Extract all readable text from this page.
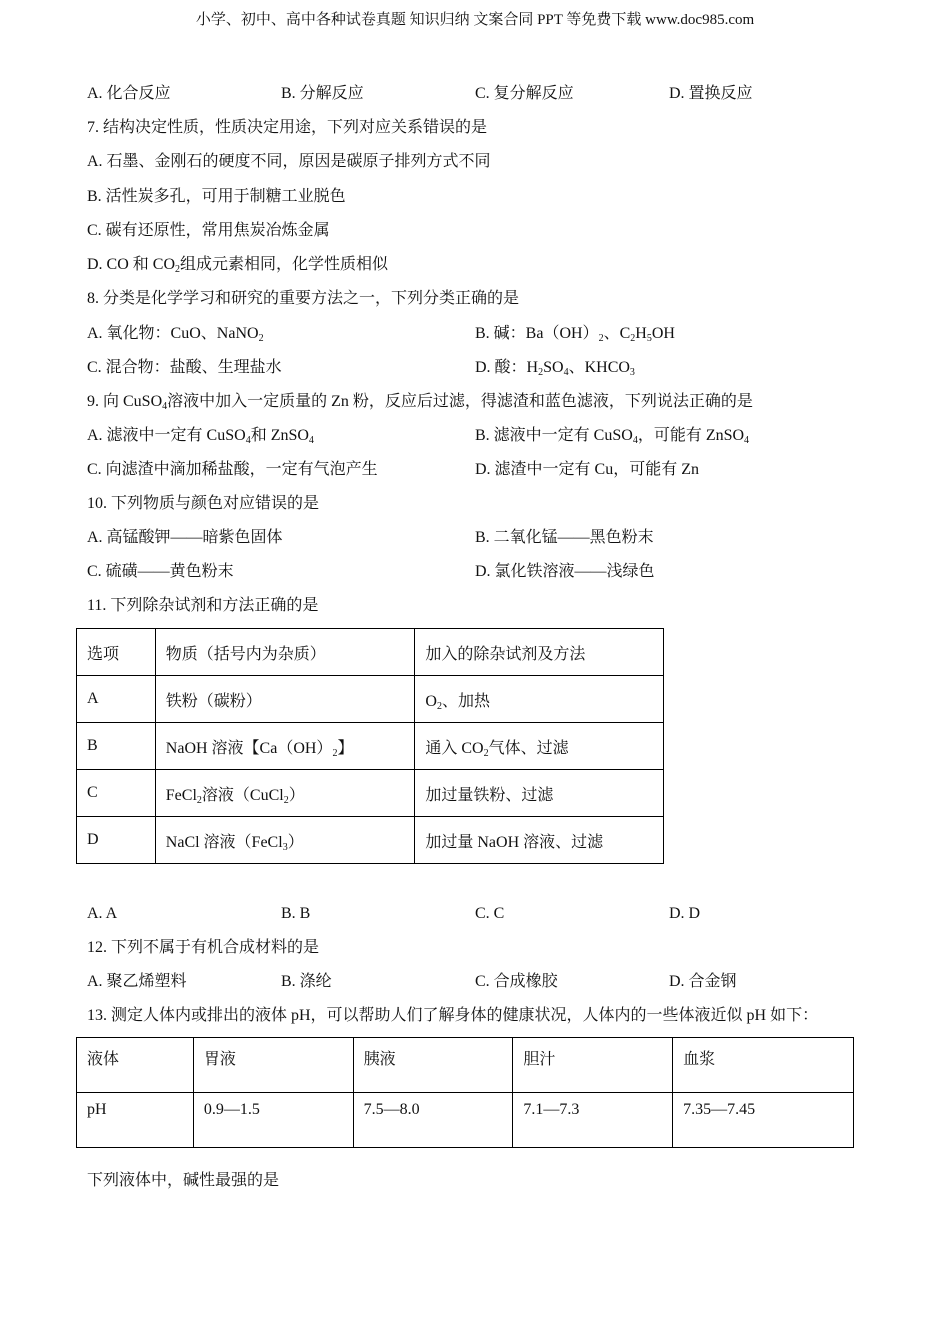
小学、初中、高中各种试卷真题 知识归纳 文案合同 PPT 等免费下载 www.doc985.com
A. 化合反应	B. 分解反应	C. 复分解反应	D. 置换反应
7. 结构决定性质，性质决定用途，下列对应关系错误的是
A. 石墨、金刚石的硬度不同，原因是碳原子排列方式不同
B. 活性炭多孔，可用于制糖工业脱色
C. 碳有还原性，常用焦炭冶炼金属
D. CO 和 $CO_2$组成元素相同，化学性质相似
8. 分类是化学学习和研究的重要方法之一，下列分类正确的是
A. 氧化物：CuO、NaNO$_2$	B. 碱：$Ba(OH)_2$、$C_2H_5OH$
C. 混合物：盐酸、生理盐水	D. 酸：$H_2SO_4$、$KHCO_3$
9. 向 CuSO$_4$溶液中加入一定质量的 Zn 粉，反应后过滤，得滤渣和蓝色滤液，下列说法正确的是
A. 滤液中一定有 CuSO$_4$和 ZnSO$_4$	B. 滤液中一定有 CuSO$_4$，可能有 ZnSO$_4$
C. 向滤渣中滴加稀盐酸，一定有气泡产生	D. 滤渣中一定有 Cu，可能有 Zn
10. 下列物质与颜色对应错误的是
A. 高锰酸钾——暗紫色固体	B. 二氧化锰——黑色粉末
C. 硫磺——黄色粉末	D. 氯化铁溶液——浅绿色
11. 下列除杂试剂和方法正确的是
选项	物质（括号内为杂质）	加入的除杂试剂及方法
A	铁粉（碳粉）	$O_2$、加热
B	NaOH 溶液【$Ca(OH)_2$】	通入 $CO_2$气体、过滤
C	FeCl$_2$溶液（CuCl$_2$）	加过量铁粉、过滤
D	NaCl 溶液（FeCl$_3$）	加过量 NaOH 溶液、过滤
A. A	B. B	C. C	D. D
12. 下列不属于有机合成材料的是
A. 聚乙烯塑料	B. 涤纶	C. 合成橡胶	D. 合金钢
13. 测定人体内或排出的液体 pH，可以帮助人们了解身体的健康状况，人体内的一些体液近似 pH 如下：
液体	胃液	胰液	胆汁	血浆
pH	0.9—1.5	7.5—8.0	7.1—7.3	7.35—7.45
下列液体中，碱性最强的是
